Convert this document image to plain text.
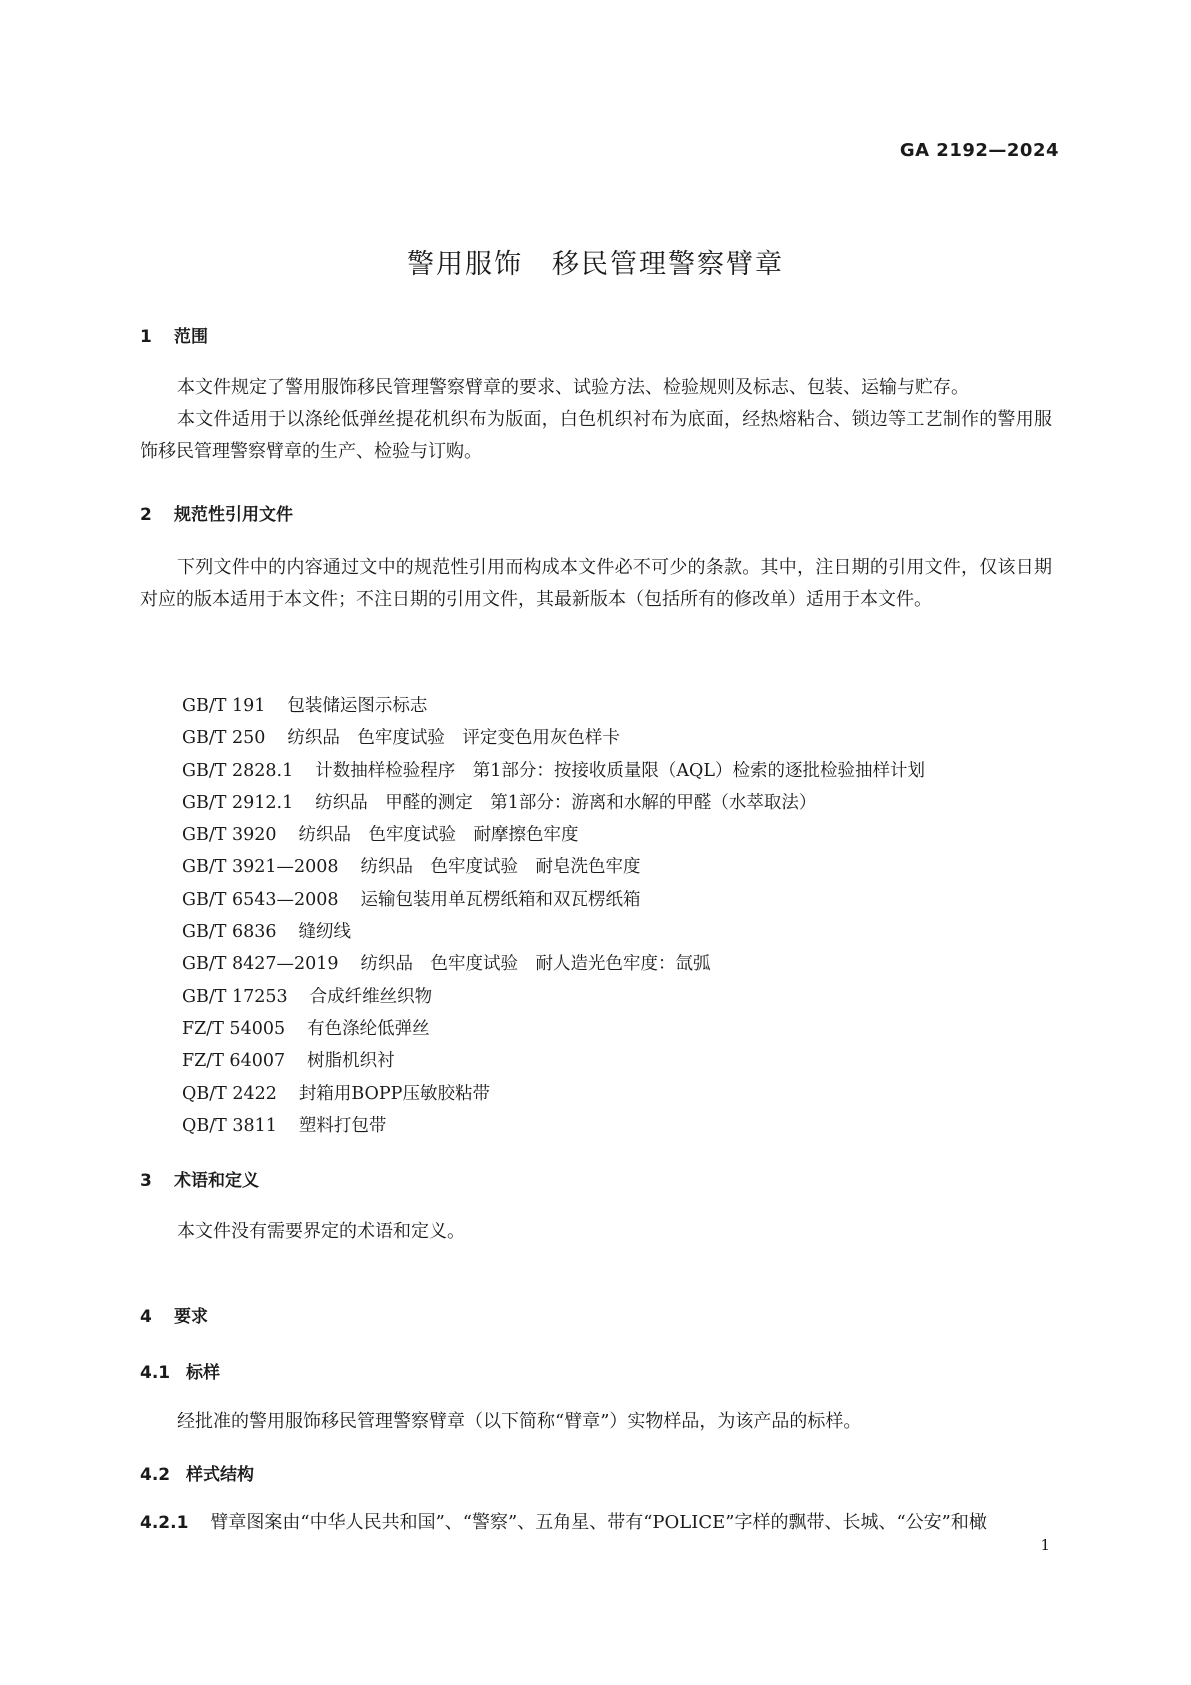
GA 2192—2024
警用服饰　移民管理警察臂章
1 范围

本文件规定了警用服饰移民管理警察臂章的要求、试验方法、检验规则及标志、包装、运输与贮存。

本文件适用于以涤纶低弹丝提花机织布为版面，白色机织衬布为底面，经热熔粘合、锁边等工艺制作的警用服饰移民管理警察臂章的生产、检验与订购。

2 规范性引用文件

下列文件中的内容通过文中的规范性引用而构成本文件必不可少的条款。其中，注日期的引用文件，仅该日期对应的版本适用于本文件；不注日期的引用文件，其最新版本（包括所有的修改单）适用于本文件。

GB/T 191 包装储运图示标志
GB/T 250 纺织品　色牢度试验　评定变色用灰色样卡
GB/T 2828.1 计数抽样检验程序　第1部分：按接收质量限（AQL）检索的逐批检验抽样计划
GB/T 2912.1 纺织品　甲醛的测定　第1部分：游离和水解的甲醛（水萃取法）
GB/T 3920 纺织品　色牢度试验　耐摩擦色牢度
GB/T 3921—2008 纺织品　色牢度试验　耐皂洗色牢度
GB/T 6543—2008 运输包装用单瓦楞纸箱和双瓦楞纸箱
GB/T 6836 缝纫线
GB/T 8427—2019 纺织品　色牢度试验　耐人造光色牢度：氙弧
GB/T 17253 合成纤维丝织物
FZ/T 54005 有色涤纶低弹丝
FZ/T 64007 树脂机织衬
QB/T 2422 封箱用BOPP压敏胶粘带
QB/T 3811 塑料打包带
3 术语和定义

本文件没有需要界定的术语和定义。

4 要求
4.1 标样

经批准的警用服饰移民管理警察臂章（以下简称“臂章”）实物样品，为该产品的标样。

4.2 样式结构
4.2.1 臂章图案由“中华人民共和国”、“警察”、五角星、带有“POLICE”字样的飘带、长城、“公安”和橄
1
